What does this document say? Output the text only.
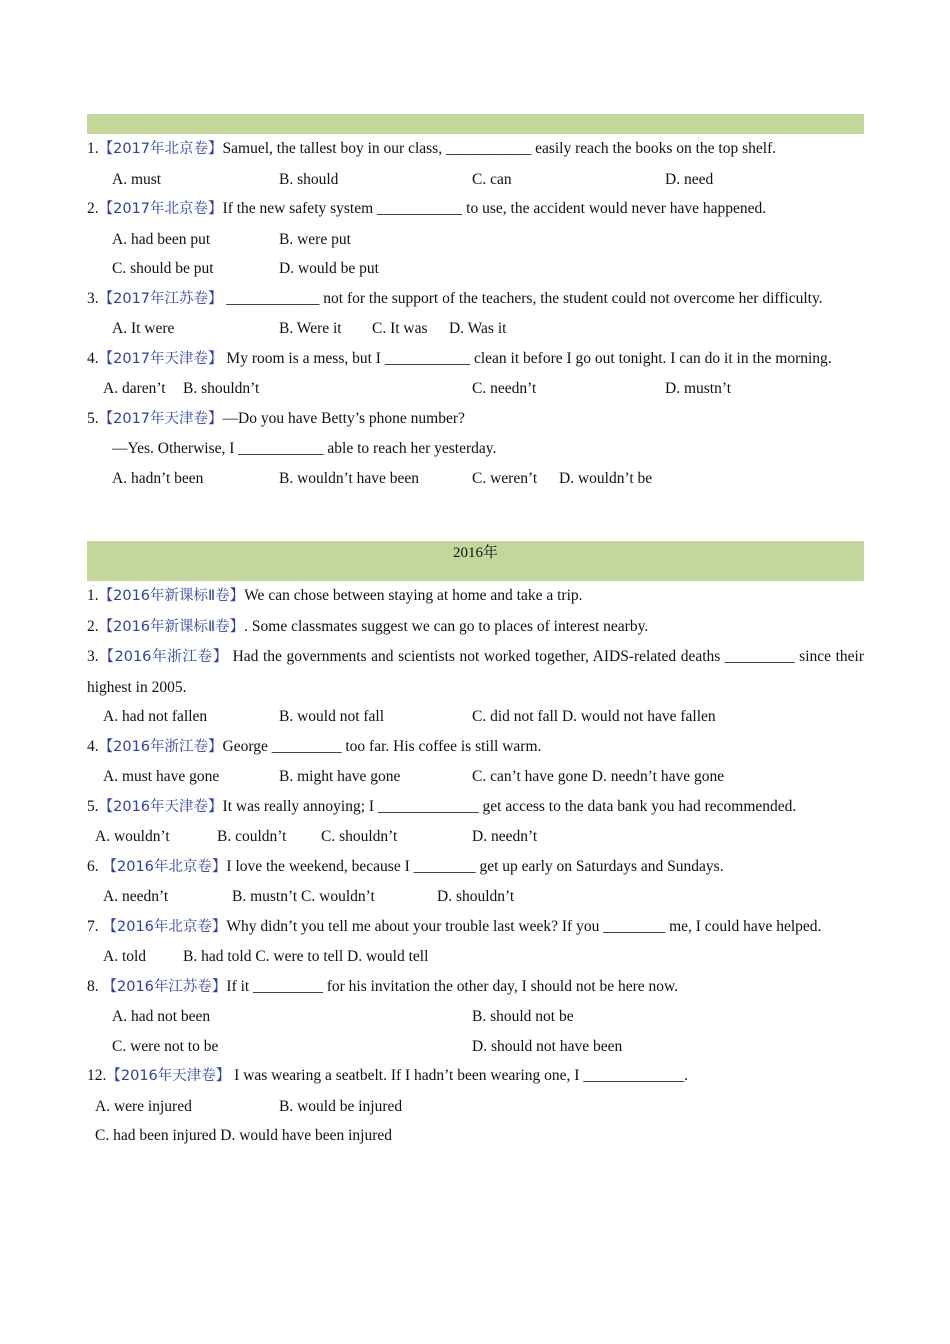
1.【2017年北京卷】Samuel, the tallest boy in our class, ___________ easily reach the books on the top shelf.
A. must	B. should	C. can	D. need
2.【2017年北京卷】If the new safety system ___________ to use, the accident would never have happened.
A. had been put	B. were put
C. should be put	D. would be put
3.【2017年江苏卷】 ____________ not for the support of the teachers, the student could not overcome her difficulty.
A. It were	B. Were it C. It was D. Was it
4.【2017年天津卷】 My room is a mess, but I ___________ clean it before I go out tonight. I can do it in the morning.
A. daren’t B. shouldn’t	C. needn’t	D. mustn’t
5.【2017年天津卷】—Do you have Betty’s phone number?
—Yes. Otherwise, I ___________ able to reach her yesterday.
A. hadn’t been	B. wouldn’t have been	C. weren’t D. wouldn’t be
2016年
1.【2016年新课标Ⅱ卷】We can chose between staying at home and take a trip.
2.【2016年新课标Ⅱ卷】. Some classmates suggest we can go to places of interest nearby.
3.【2016年浙江卷】 Had the governments and scientists not worked together, AIDS-related deaths _________ since their highest in 2005.
A. had not fallen	B. would not fall	C. did not fall D. would not have fallen
4.【2016年浙江卷】George _________ too far. His coffee is still warm.
A. must have gone	B. might have gone	C. can’t have gone D. needn’t have gone
5.【2016年天津卷】It was really annoying; I _____________ get access to the data bank you had recommended.
A. wouldn’t	B. couldn’t C. shouldn’t	D. needn’t
6. 【2016年北京卷】I love the weekend, because I ________ get up early on Saturdays and Sundays.
A. needn’t	B. mustn’t C. wouldn’t	D. shouldn’t
7. 【2016年北京卷】Why didn’t you tell me about your trouble last week? If you ________ me, I could have helped.
A. told B. had told C. were to tell D. would tell
8. 【2016年江苏卷】If it _________ for his invitation the other day, I should not be here now.
A. had not been	B. should not be
C. were not to be	D. should not have been
12.【2016年天津卷】 I was wearing a seatbelt. If I hadn’t been wearing one, I _____________.
A. were injured	B. would be injured
C. had been injured D. would have been injured
